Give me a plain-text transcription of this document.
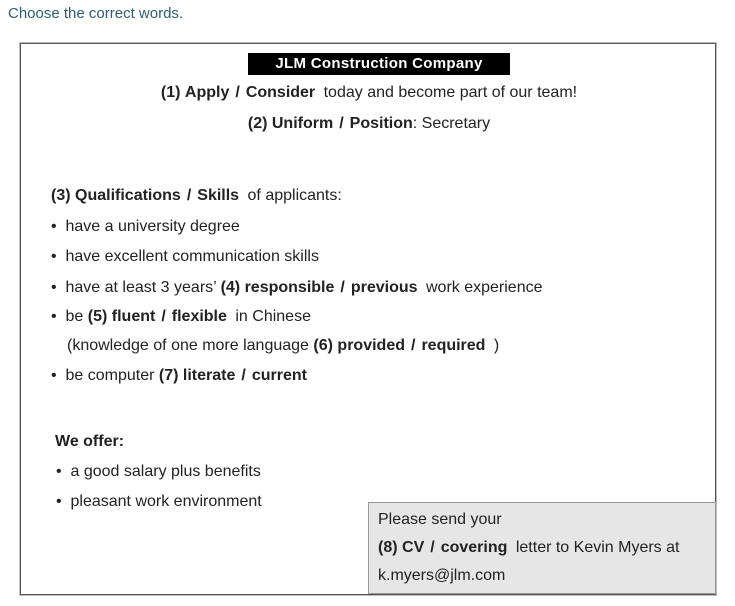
Choose the correct words.
JLM Construction Company
(1) Apply / Consider today and become part of our team!
(2) Uniform / Position: Secretary
(3) Qualifications / Skills of applicants:
• have a university degree
• have excellent communication skills
• have at least 3 years’ (4) responsible / previous work experience
• be (5) fluent / flexible in Chinese
(knowledge of one more language (6) provided / required )
• be computer (7) literate / current
We offer:
• a good salary plus benefits
• pleasant work environment
Please send your
(8) CV / covering letter to Kevin Myers at
k.myers@jlm.com
